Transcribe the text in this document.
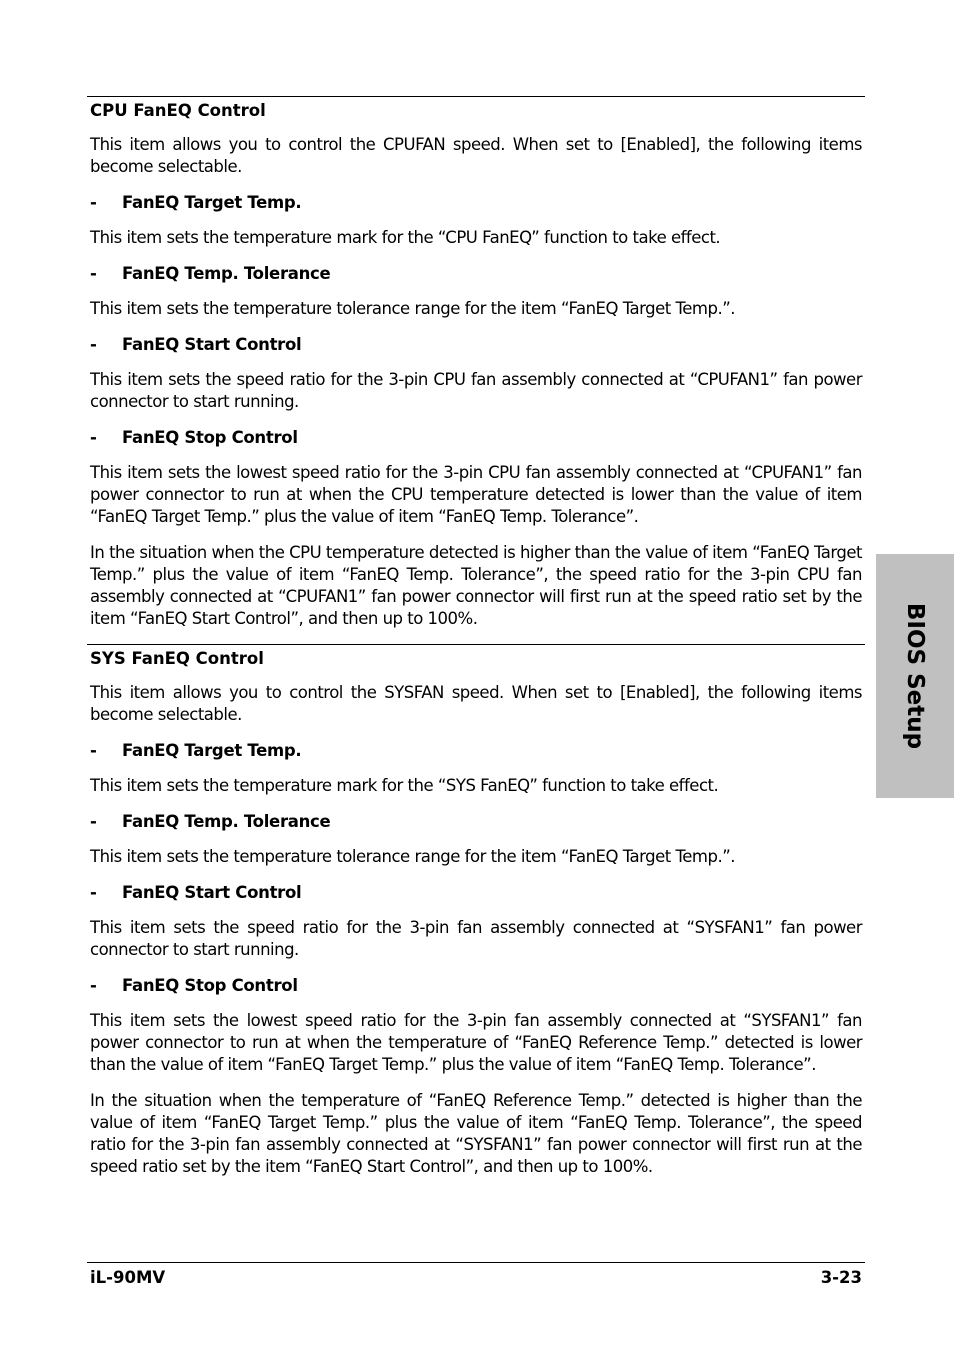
CPU FanEQ Control

This item allows you to control the CPUFAN speed. When set to [Enabled], the following items become selectable.

-	FanEQ Target Temp.

This item sets the temperature mark for the “CPU FanEQ” function to take effect.

-	FanEQ Temp. Tolerance

This item sets the temperature tolerance range for the item “FanEQ Target Temp.”.

-	FanEQ Start Control

This item sets the speed ratio for the 3-pin CPU fan assembly connected at “CPUFAN1” fan power connector to start running.

-	FanEQ Stop Control

This item sets the lowest speed ratio for the 3-pin CPU fan assembly connected at “CPUFAN1” fan power connector to run at when the CPU temperature detected is lower than the value of item “FanEQ Target Temp.” plus the value of item “FanEQ Temp. Tolerance”.

In the situation when the CPU temperature detected is higher than the value of item “FanEQ Target Temp.” plus the value of item “FanEQ Temp. Tolerance”, the speed ratio for the 3-pin CPU fan assembly connected at “CPUFAN1” fan power connector will first run at the speed ratio set by the item “FanEQ Start Control”, and then up to 100%.

SYS FanEQ Control

This item allows you to control the SYSFAN speed. When set to [Enabled], the following items become selectable.

-	FanEQ Target Temp.

This item sets the temperature mark for the “SYS FanEQ” function to take effect.

-	FanEQ Temp. Tolerance

This item sets the temperature tolerance range for the item “FanEQ Target Temp.”.

-	FanEQ Start Control

This item sets the speed ratio for the 3-pin fan assembly connected at “SYSFAN1” fan power connector to start running.

-	FanEQ Stop Control

This item sets the lowest speed ratio for the 3-pin fan assembly connected at “SYSFAN1” fan power connector to run at when the temperature of “FanEQ Reference Temp.” detected is lower than the value of item “FanEQ Target Temp.” plus the value of item “FanEQ Temp. Tolerance”.

In the situation when the temperature of “FanEQ Reference Temp.” detected is higher than the value of item “FanEQ Target Temp.” plus the value of item “FanEQ Temp. Tolerance”, the speed ratio for the 3-pin fan assembly connected at “SYSFAN1” fan power connector will first run at the speed ratio set by the item “FanEQ Start Control”, and then up to 100%.

BIOS Setup
iL-90MV	3-23
